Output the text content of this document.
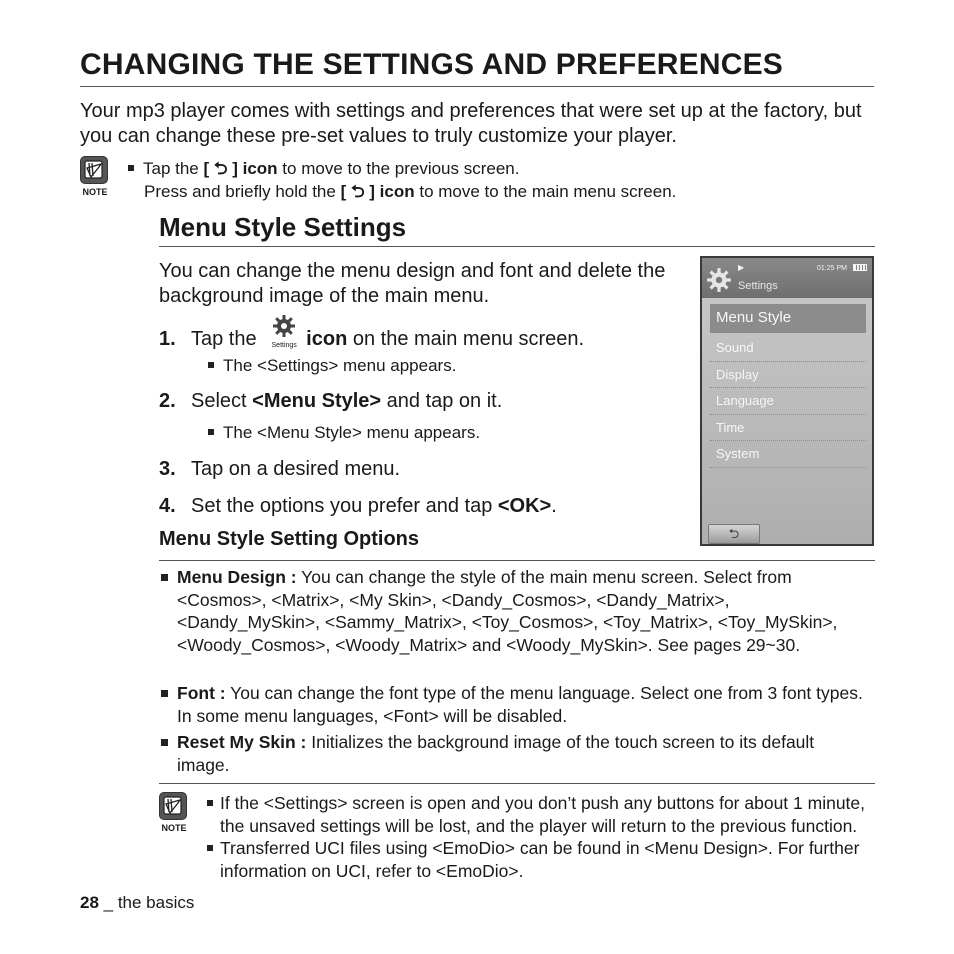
CHANGING THE SETTINGS AND PREFERENCES

Your mp3 player comes with settings and preferences that were set up at the factory, but you can change these pre-set values to truly customize your player.

NOTE
Tap the [ ⮌ ] icon to move to the previous screen.
Press and briefly hold the [ ⮌ ] icon to move to the main menu screen.
Menu Style Settings

You can change the menu design and font and delete the background image of the main menu.

1. Tap the	Settings icon on the main menu screen.
The <Settings> menu appears.
2. Select <Menu Style> and tap on it.
The <Menu Style> menu appears.
3. Tap on a desired menu.
4. Set the options you prefer and tap <OK>.
▶	01:25 PM
Settings
Menu Style
Sound
Display
Language
Time
System
⮌
Menu Style Setting Options
Menu Design : You can change the style of the main menu screen. Select from <Cosmos>, <Matrix>, <My Skin>, <Dandy_Cosmos>, <Dandy_Matrix>, <Dandy_MySkin>, <Sammy_Matrix>, <Toy_Cosmos>, <Toy_Matrix>, <Toy_MySkin>, <Woody_Cosmos>, <Woody_Matrix> and <Woody_MySkin>. See pages 29~30.
Font : You can change the font type of the menu language. Select one from 3 font types. In some menu languages, <Font> will be disabled.
Reset My Skin : Initializes the background image of the touch screen to its default image.
NOTE
If the <Settings> screen is open and you don’t push any buttons for about 1 minute, the unsaved settings will be lost, and the player will return to the previous function.
Transferred UCI files using <EmoDio> can be found in <Menu Design>. For further information on UCI, refer to <EmoDio>.
28 _ the basics
